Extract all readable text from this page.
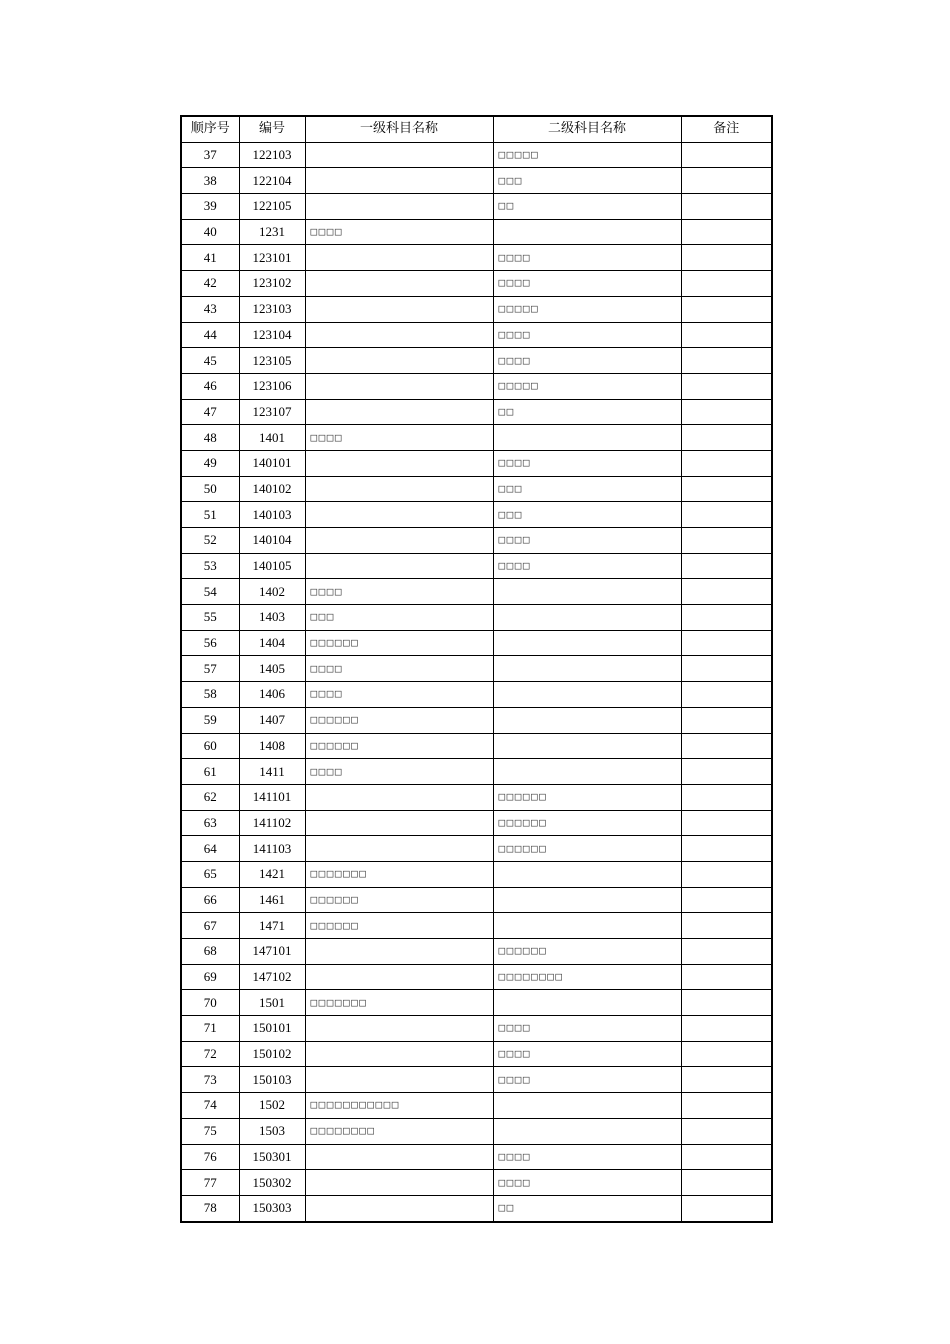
顺序号	编号	一级科目名称	二级科目名称	备注
37	122103		□□□□□	
38	122104		□□□	
39	122105		□□	
40	1231	□□□□		
41	123101		□□□□	
42	123102		□□□□	
43	123103		□□□□□	
44	123104		□□□□	
45	123105		□□□□	
46	123106		□□□□□	
47	123107		□□	
48	1401	□□□□		
49	140101		□□□□	
50	140102		□□□	
51	140103		□□□	
52	140104		□□□□	
53	140105		□□□□	
54	1402	□□□□		
55	1403	□□□		
56	1404	□□□□□□		
57	1405	□□□□		
58	1406	□□□□		
59	1407	□□□□□□		
60	1408	□□□□□□		
61	1411	□□□□		
62	141101		□□□□□□	
63	141102		□□□□□□	
64	141103		□□□□□□	
65	1421	□□□□□□□		
66	1461	□□□□□□		
67	1471	□□□□□□		
68	147101		□□□□□□	
69	147102		□□□□□□□□	
70	1501	□□□□□□□		
71	150101		□□□□	
72	150102		□□□□	
73	150103		□□□□	
74	1502	□□□□□□□□□□□		
75	1503	□□□□□□□□		
76	150301		□□□□	
77	150302		□□□□	
78	150303		□□	
